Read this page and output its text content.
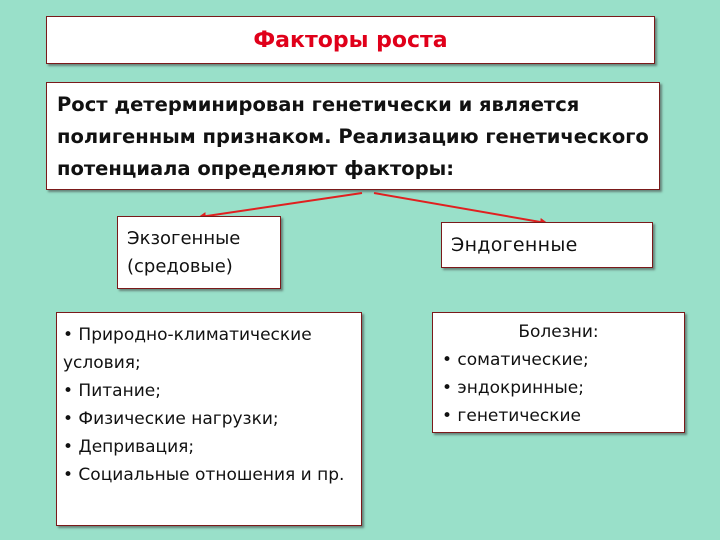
Факторы роста
Рост детерминирован генетически и является полигенным признаком. Реализацию генетического потенциала определяют факторы:
Экзогенные
(средовые)
Эндогенные
• Природно-климатические условия;
• Питание;
• Физические нагрузки;
• Депривация;
• Социальные отношения и пр.
Болезни:
• соматические;
• эндокринные;
• генетические
